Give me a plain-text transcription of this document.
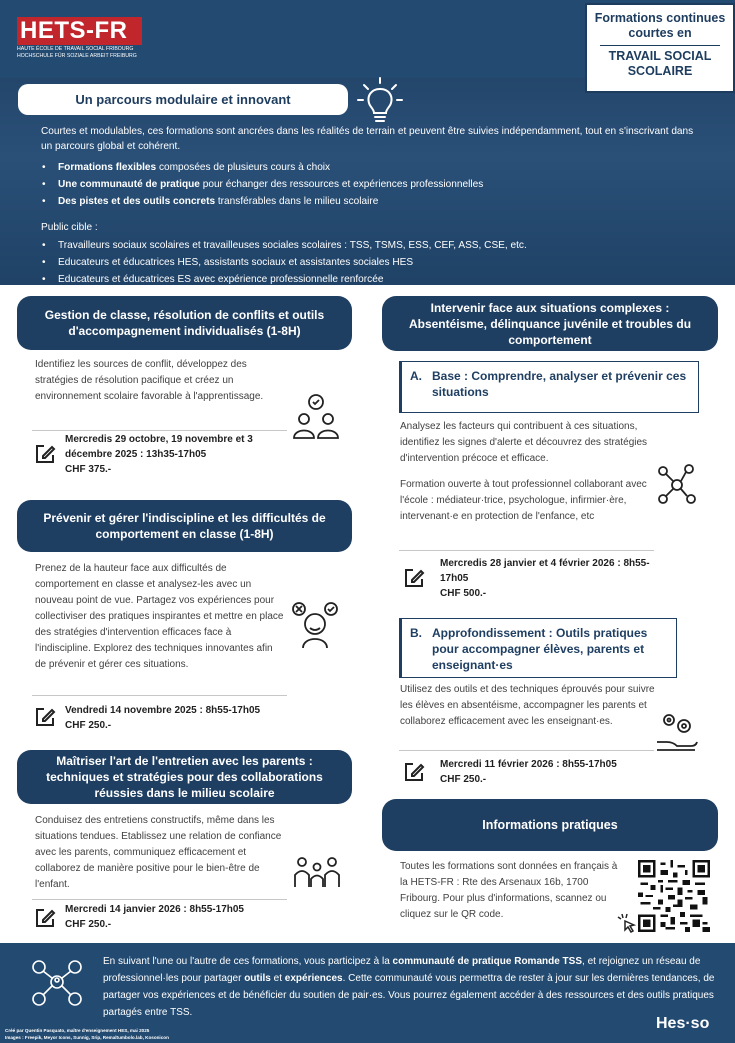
HETS-FR
HAUTE ÉCOLE DE TRAVAIL SOCIAL FRIBOURG
HOCHSCHULE FÜR SOZIALE ARBEIT FREIBURG
Formations continues courtes en
TRAVAIL SOCIAL SCOLAIRE
Un parcours modulaire et innovant

Courtes et modulables, ces formations sont ancrées dans les réalités de terrain et peuvent être suivies indépendamment, tout en s'inscrivant dans un parcours global et cohérent.

• Formations flexibles composées de plusieurs cours à choix
• Une communauté de pratique pour échanger des ressources et expériences professionnelles
• Des pistes et des outils concrets transférables dans le milieu scolaire

Public cible :

• Travailleurs sociaux scolaires et travailleuses sociales scolaires : TSS, TSMS, ESS, CEF, ASS, CSE, etc.
• Educateurs et éducatrices HES, assistants sociaux et assistantes sociales HES
• Educateurs et éducatrices ES avec expérience professionnelle renforcée
Gestion de classe, résolution de conflits et outils d'accompagnement individualisés (1-8H)
Identifiez les sources de conflit, développez des stratégies de résolution pacifique et créez un environnement scolaire favorable à l'apprentissage.
Mercredis 29 octobre, 19 novembre et 3 décembre 2025 : 13h35-17h05
CHF 375.-
Prévenir et gérer l'indiscipline et les difficultés de comportement en classe (1-8H)
Prenez de la hauteur face aux difficultés de comportement en classe et analysez-les avec un nouveau point de vue. Partagez vos expériences pour collectiviser des pratiques inspirantes et mettre en place des stratégies d'intervention efficaces face à l'indiscipline. Explorez des techniques innovantes afin de prévenir et gérer ces situations.
Vendredi 14 novembre 2025 : 8h55-17h05
CHF 250.-
Maîtriser l'art de l'entretien avec les parents : techniques et stratégies pour des collaborations réussies dans le milieu scolaire
Conduisez des entretiens constructifs, même dans les situations tendues. Etablissez une relation de confiance avec les parents, communiquez efficacement et collaborez de manière positive pour le bien-être de l'enfant.
Mercredi 14 janvier 2026 : 8h55-17h05
CHF 250.-
Intervenir face aux situations complexes : Absentéisme, délinquance juvénile et troubles du comportement
A. Base : Comprendre, analyser et prévenir ces situations
Analysez les facteurs qui contribuent à ces situations, identifiez les signes d'alerte et découvrez des stratégies d'intervention précoce et efficace.
Formation ouverte à tout professionnel collaborant avec l'école : médiateur·trice, psychologue, infirmier·ère, intervenant·e en protection de l'enfance, etc
Mercredis 28 janvier et 4 février 2026 : 8h55-17h05
CHF 500.-
B. Approfondissement : Outils pratiques pour accompagner élèves, parents et enseignant·es
Utilisez des outils et des techniques éprouvés pour suivre les élèves en absentéisme, accompagner les parents et collaborez efficacement avec les enseignant·es.
Mercredi 11 février 2026 : 8h55-17h05
CHF 250.-
Informations pratiques
Toutes les formations sont données en français à la HETS-FR : Rte des Arsenaux 16b, 1700 Fribourg. Pour plus d'informations, scannez ou cliquez sur le QR code.
En suivant l'une ou l'autre de ces formations, vous participez à la communauté de pratique Romande TSS, et rejoignez un réseau de professionnel·les pour partager outils et expériences. Cette communauté vous permettra de rester à jour sur les dernières tendances, de partager vos expériences et de bénéficier du soutien de pair·es. Vous pourrez également accéder à des ressources et des outils pratiques partagés entre TSS.
Créé par Quentin Pasquato, maître d'enseignement HES, mai 2025
Images : Freepik, Meyor Icons, Sunnig, Srip, Remaltumbolo.lab, Kosonicon
Hes·so
